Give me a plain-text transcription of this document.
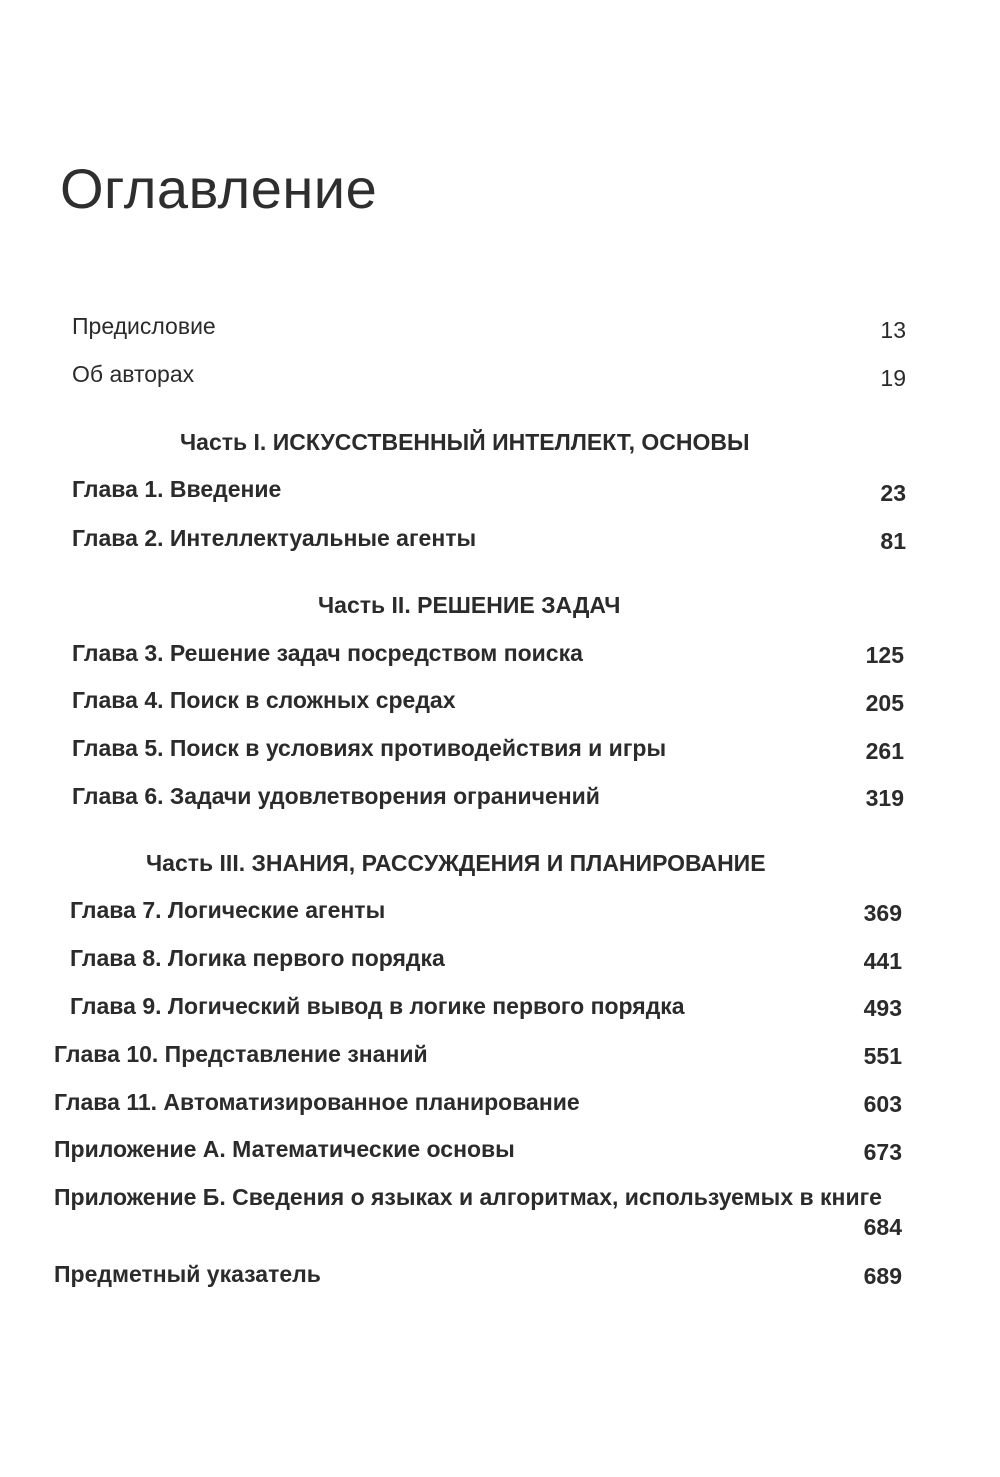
Оглавление
Предисловие	13
Об авторах	19
Часть I. ИСКУССТВЕННЫЙ ИНТЕЛЛЕКТ, ОСНОВЫ
Глава 1. Введение	23
Глава 2. Интеллектуальные агенты	81
Часть II. РЕШЕНИЕ ЗАДАЧ
Глава 3. Решение задач посредством поиска	125
Глава 4. Поиск в сложных средах	205
Глава 5. Поиск в условиях противодействия и игры	261
Глава 6. Задачи удовлетворения ограничений	319
Часть III. ЗНАНИЯ, РАССУЖДЕНИЯ И ПЛАНИРОВАНИЕ
Глава 7. Логические агенты	369
Глава 8. Логика первого порядка	441
Глава 9. Логический вывод в логике первого порядка	493
Глава 10. Представление знаний	551
Глава 11. Автоматизированное планирование	603
Приложение А. Математические основы	673
Приложение Б. Сведения о языках и алгоритмах, используемых в книге
684
Предметный указатель	689
